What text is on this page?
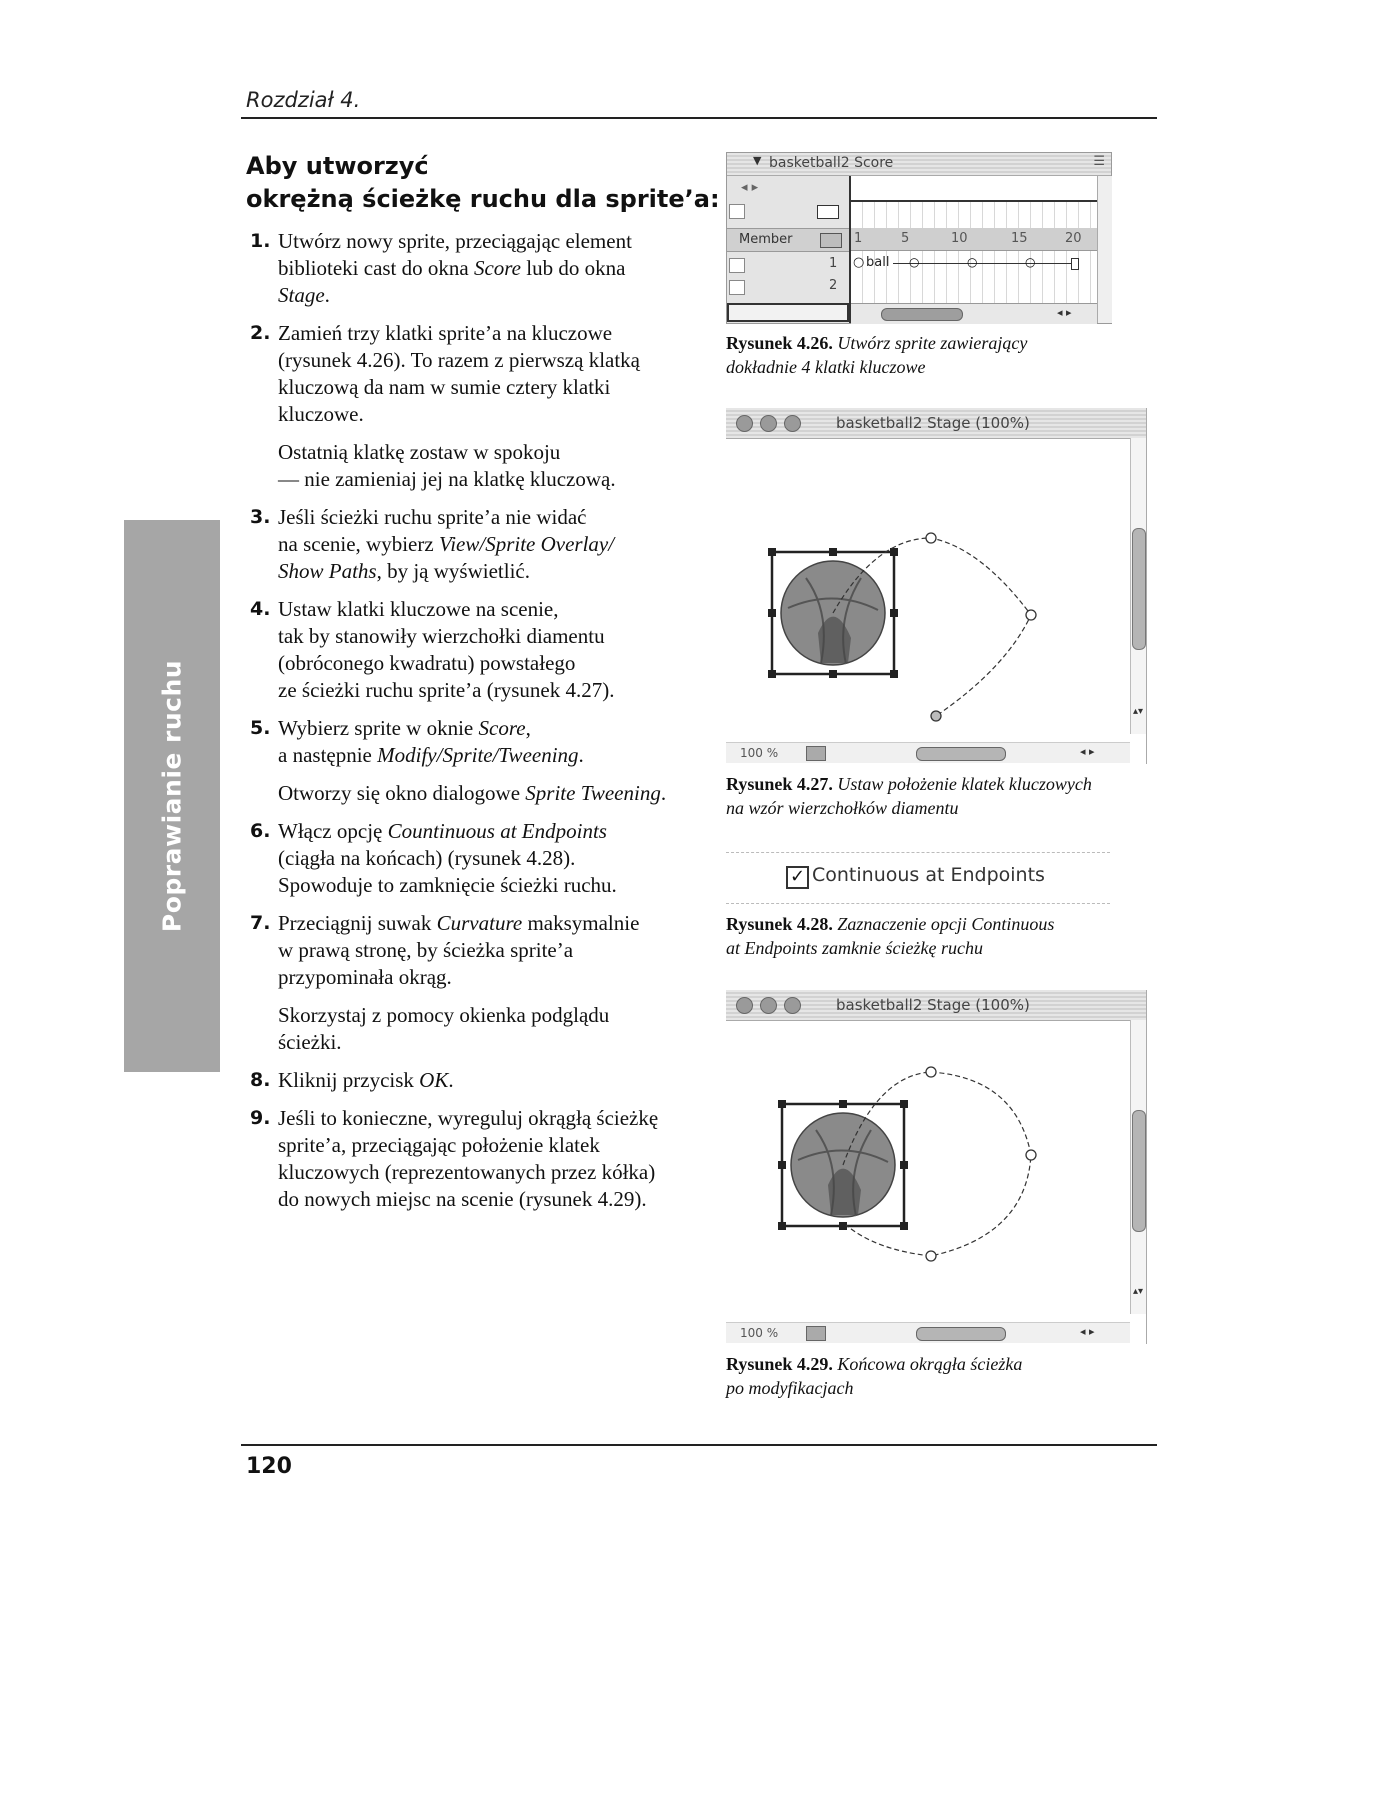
Rozdział 4.
Poprawianie ruchu
Aby utworzyć
okrężną ścieżkę ruchu dla sprite’a:
1. Utwórz nowy sprite, przeciągając element
biblioteki cast do okna Score lub do okna
Stage.
2. Zamień trzy klatki sprite’a na kluczowe
(rysunek 4.26). To razem z pierwszą klatką
kluczową da nam w sumie cztery klatki
kluczowe.
Ostatnią klatkę zostaw w spokoju
— nie zamieniaj jej na klatkę kluczową.
3. Jeśli ścieżki ruchu sprite’a nie widać
na scenie, wybierz View/Sprite Overlay/
Show Paths, by ją wyświetlić.
4. Ustaw klatki kluczowe na scenie,
tak by stanowiły wierzchołki diamentu
(obróconego kwadratu) powstałego
ze ścieżki ruchu sprite’a (rysunek 4.27).
5. Wybierz sprite w oknie Score,
a następnie Modify/Sprite/Tweening.
Otworzy się okno dialogowe Sprite Tweening.
6. Włącz opcję Countinuous at Endpoints
(ciągła na końcach) (rysunek 4.28).
Spowoduje to zamknięcie ścieżki ruchu.
7. Przeciągnij suwak Curvature maksymalnie
w prawą stronę, by ścieżka sprite’a
przypominała okrąg.
Skorzystaj z pomocy okienka podglądu
ścieżki.
8. Kliknij przycisk OK.
9. Jeśli to konieczne, wyreguluj okrągłą ścieżkę
sprite’a, przeciągając położenie klatek
kluczowych (reprezentowanych przez kółka)
do nowych miejsc na scenie (rysunek 4.29).
▼ basketball2 Score	☰
◂ ▸
Member
1
2
1	5	10	15	20
○ ball ○	○	○
◂ ▸
Rysunek 4.26. Utwórz sprite zawierający
dokładnie 4 klatki kluczowe
basketball2 Stage (100%)
▴▾
100 %	◂ ▸
Rysunek 4.27. Ustaw położenie klatek kluczowych
na wzór wierzchołków diamentu
✓ Continuous at Endpoints
Rysunek 4.28. Zaznaczenie opcji Continuous
at Endpoints zamknie ścieżkę ruchu
basketball2 Stage (100%)
▴▾
100 %	◂ ▸
Rysunek 4.29. Końcowa okrągła ścieżka
po modyfikacjach
120
